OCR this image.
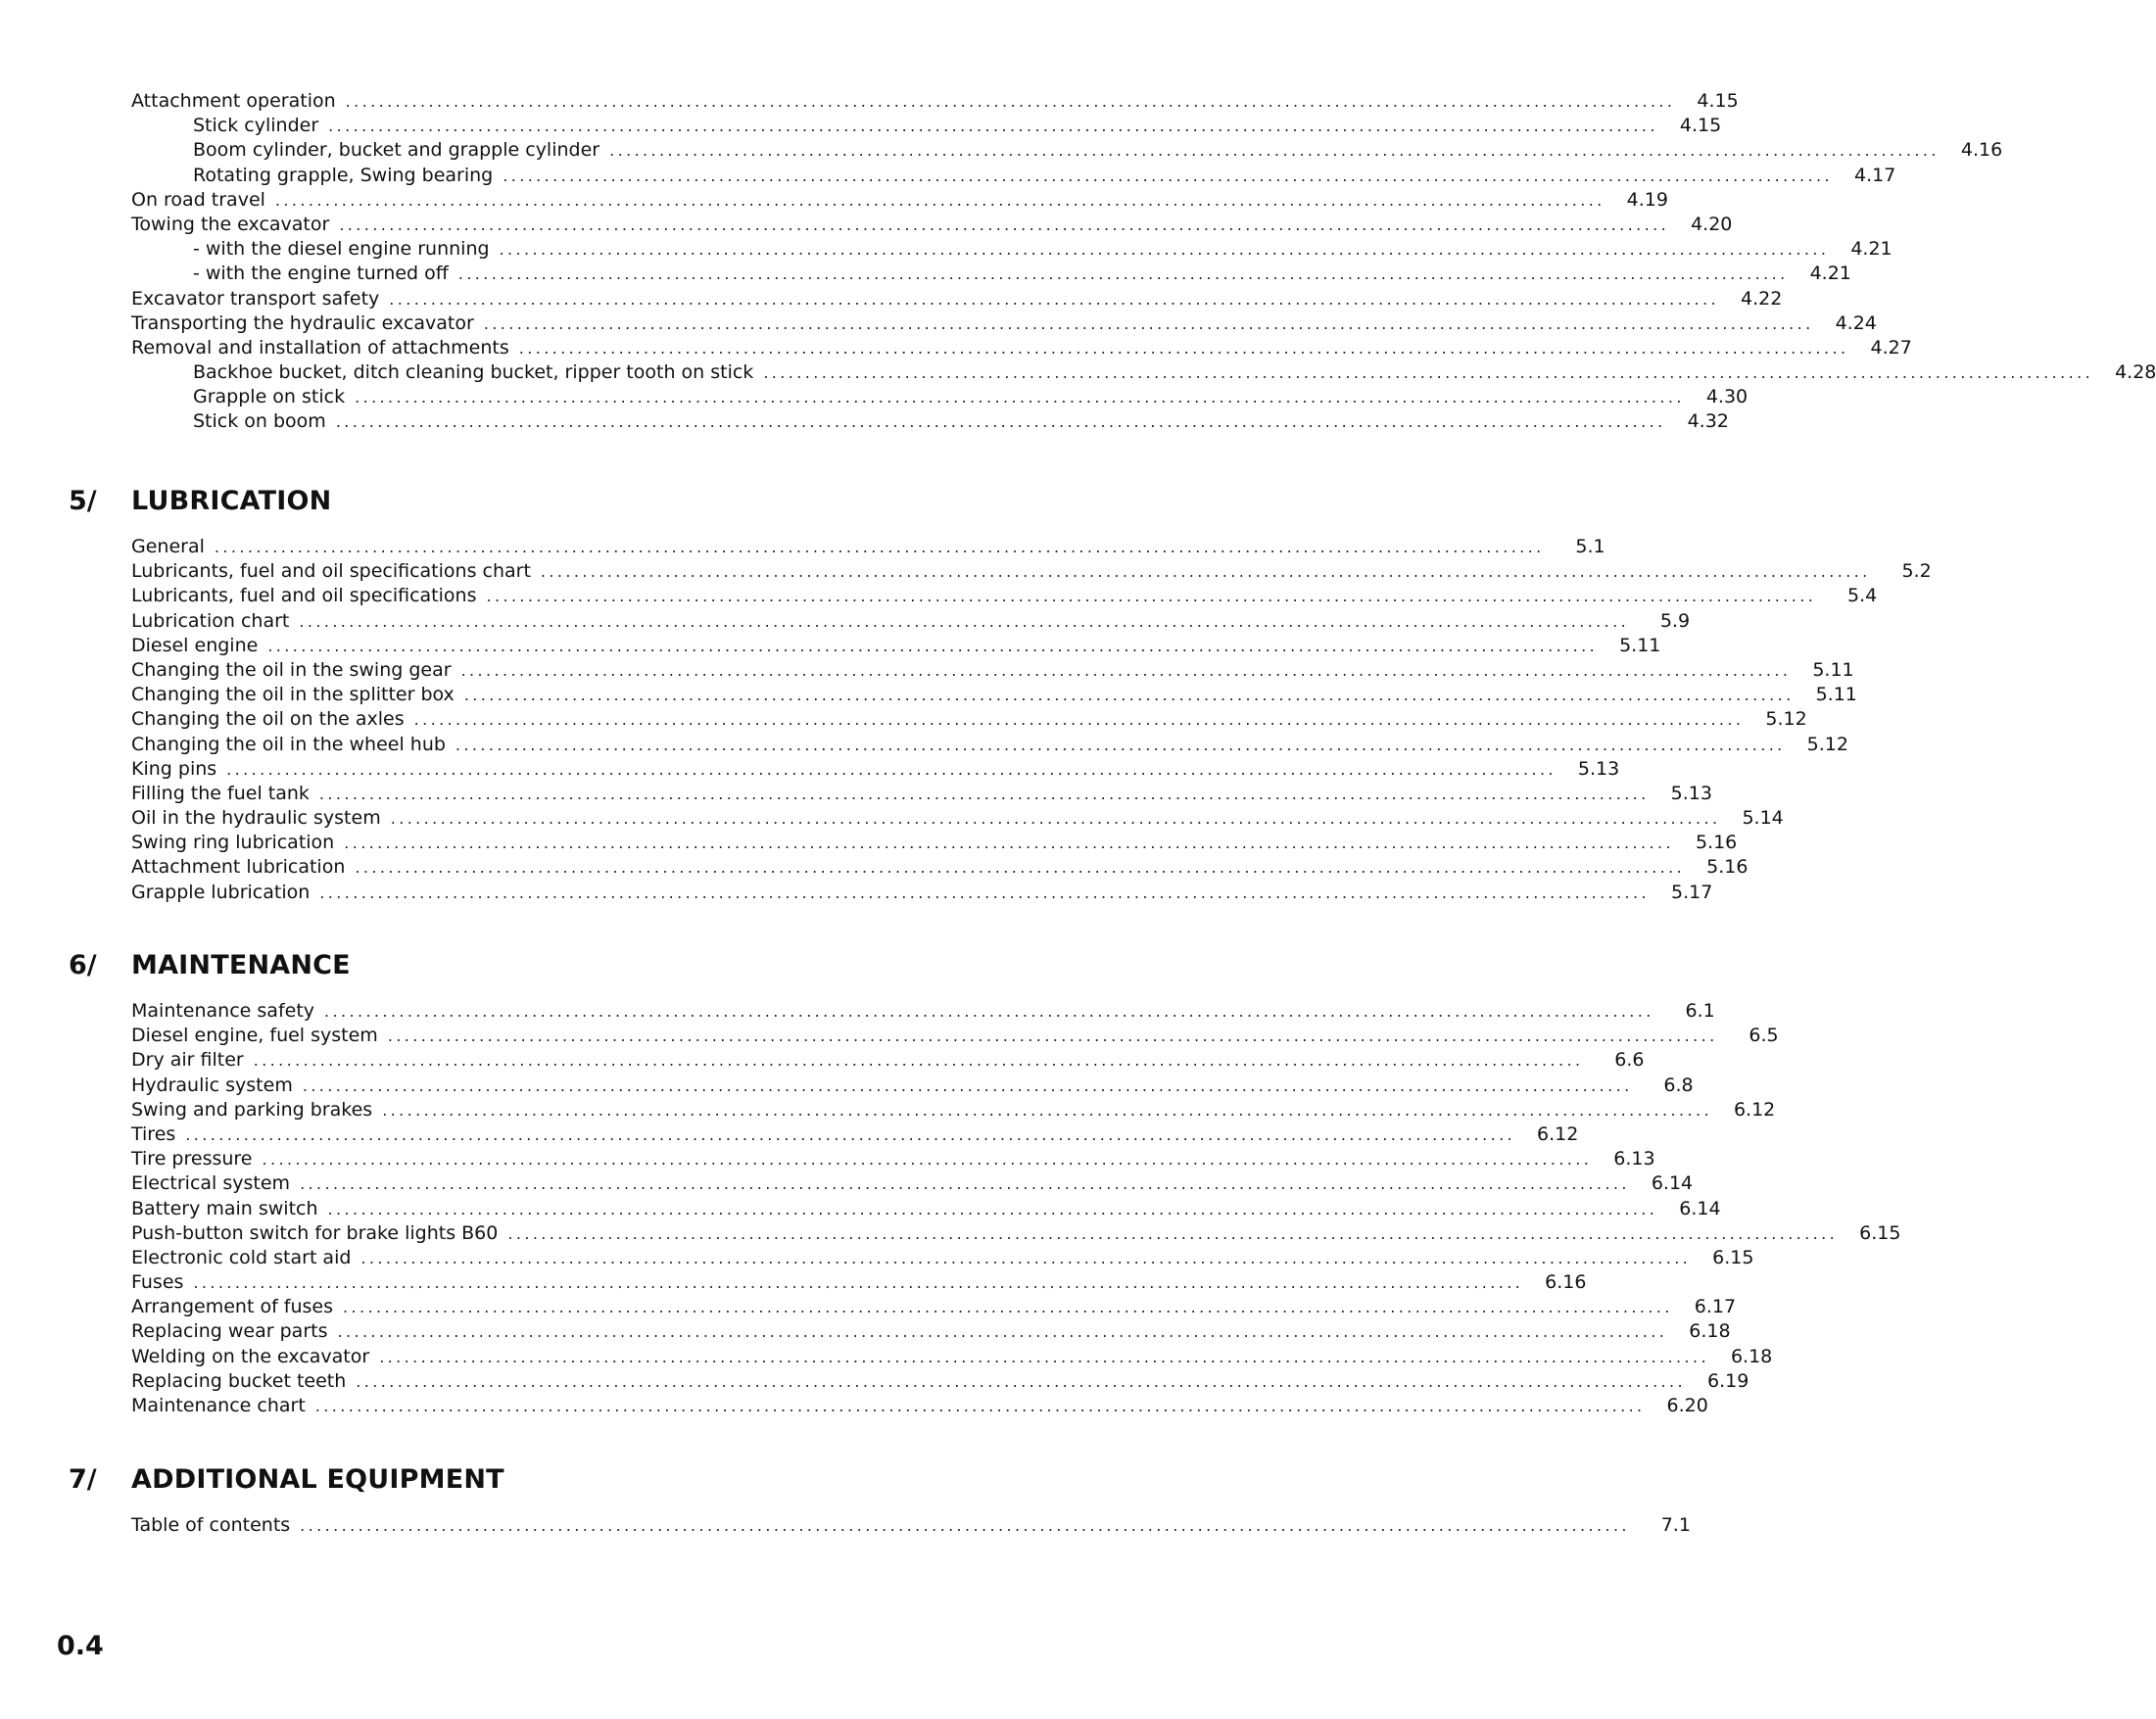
Attachment operation ................................................................................................................................................................	4.15
Stick cylinder ................................................................................................................................................................	4.15
Boom cylinder, bucket and grapple cylinder ................................................................................................................................................................	4.16
Rotating grapple, Swing bearing ................................................................................................................................................................	4.17
On road travel ................................................................................................................................................................	4.19
Towing the excavator ................................................................................................................................................................	4.20
- with the diesel engine running ................................................................................................................................................................	4.21
- with the engine turned off ................................................................................................................................................................	4.21
Excavator transport safety ................................................................................................................................................................	4.22
Transporting the hydraulic excavator ................................................................................................................................................................	4.24
Removal and installation of attachments ................................................................................................................................................................	4.27
Backhoe bucket, ditch cleaning bucket, ripper tooth on stick ................................................................................................................................................................	4.28
Grapple on stick ................................................................................................................................................................	4.30
Stick on boom ................................................................................................................................................................	4.32
5/	LUBRICATION
General ................................................................................................................................................................	5.1
Lubricants, fuel and oil specifications chart ................................................................................................................................................................	5.2
Lubricants, fuel and oil specifications ................................................................................................................................................................	5.4
Lubrication chart ................................................................................................................................................................	5.9
Diesel engine ................................................................................................................................................................	5.11
Changing the oil in the swing gear ................................................................................................................................................................	5.11
Changing the oil in the splitter box ................................................................................................................................................................	5.11
Changing the oil on the axles ................................................................................................................................................................	5.12
Changing the oil in the wheel hub ................................................................................................................................................................	5.12
King pins ................................................................................................................................................................	5.13
Filling the fuel tank ................................................................................................................................................................	5.13
Oil in the hydraulic system ................................................................................................................................................................	5.14
Swing ring lubrication ................................................................................................................................................................	5.16
Attachment lubrication ................................................................................................................................................................	5.16
Grapple lubrication ................................................................................................................................................................	5.17
6/	MAINTENANCE
Maintenance safety ................................................................................................................................................................	6.1
Diesel engine, fuel system ................................................................................................................................................................	6.5
Dry air filter ................................................................................................................................................................	6.6
Hydraulic system ................................................................................................................................................................	6.8
Swing and parking brakes ................................................................................................................................................................	6.12
Tires ................................................................................................................................................................	6.12
Tire pressure ................................................................................................................................................................	6.13
Electrical system ................................................................................................................................................................	6.14
Battery main switch ................................................................................................................................................................	6.14
Push-button switch for brake lights B60 ................................................................................................................................................................	6.15
Electronic cold start aid ................................................................................................................................................................	6.15
Fuses ................................................................................................................................................................	6.16
Arrangement of fuses ................................................................................................................................................................	6.17
Replacing wear parts ................................................................................................................................................................	6.18
Welding on the excavator ................................................................................................................................................................	6.18
Replacing bucket teeth ................................................................................................................................................................	6.19
Maintenance chart ................................................................................................................................................................	6.20
7/	ADDITIONAL EQUIPMENT
Table of contents ................................................................................................................................................................	7.1
0.4
